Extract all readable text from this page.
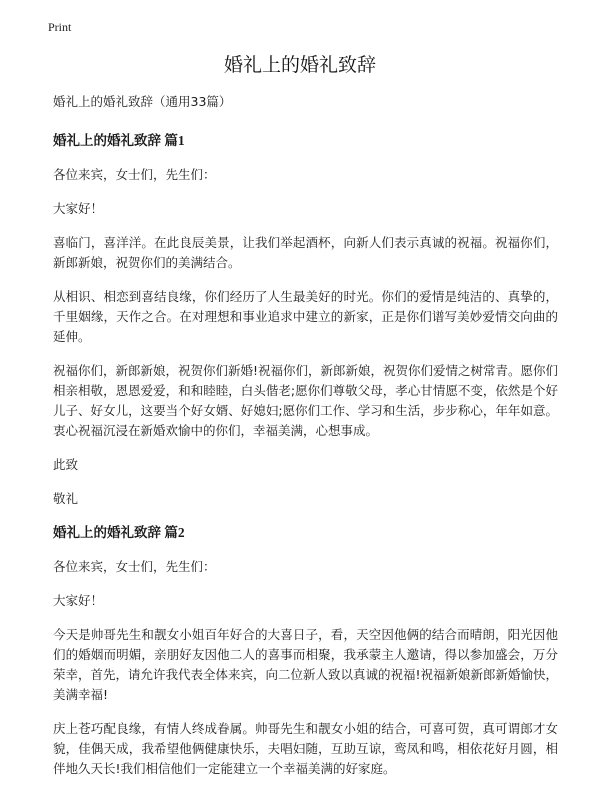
Print
婚礼上的婚礼致辞

婚礼上的婚礼致辞（通用33篇）

婚礼上的婚礼致辞 篇1

各位来宾，女士们，先生们：

大家好！

喜临门，喜洋洋。在此良辰美景，让我们举起酒杯，向新人们表示真诚的祝福。祝福你们，新郎新娘，祝贺你们的美满结合。

从相识、相恋到喜结良缘，你们经历了人生最美好的时光。你们的爱情是纯洁的、真挚的，千里姻缘，天作之合。在对理想和事业追求中建立的新家，正是你们谱写美妙爱情交向曲的延伸。

祝福你们，新郎新娘，祝贺你们新婚!祝福你们，新郎新娘，祝贺你们爱情之树常青。愿你们相亲相敬，恩恩爱爱，和和睦睦，白头偕老;愿你们尊敬父母，孝心甘情愿不变，依然是个好儿子、好女儿，这要当个好女婿、好媳妇;愿你们工作、学习和生活，步步称心，年年如意。衷心祝福沉浸在新婚欢愉中的你们，幸福美满，心想事成。

此致

敬礼

婚礼上的婚礼致辞 篇2

各位来宾，女士们，先生们：

大家好！

今天是帅哥先生和靓女小姐百年好合的大喜日子，看，天空因他俩的结合而晴朗，阳光因他们的婚姻而明媚，亲朋好友因他二人的喜事而相聚，我承蒙主人邀请，得以参加盛会，万分荣幸，首先，请允许我代表全体来宾，向二位新人致以真诚的祝福!祝福新娘新郎新婚愉快，美满幸福!

庆上苍巧配良缘，有情人终成眷属。帅哥先生和靓女小姐的结合，可喜可贺，真可谓郎才女貌，佳偶天成，我希望他俩健康快乐，夫唱妇随，互助互谅，鸾凤和鸣，相依花好月圆，相伴地久天长!我们相信他们一定能建立一个幸福美满的好家庭。
